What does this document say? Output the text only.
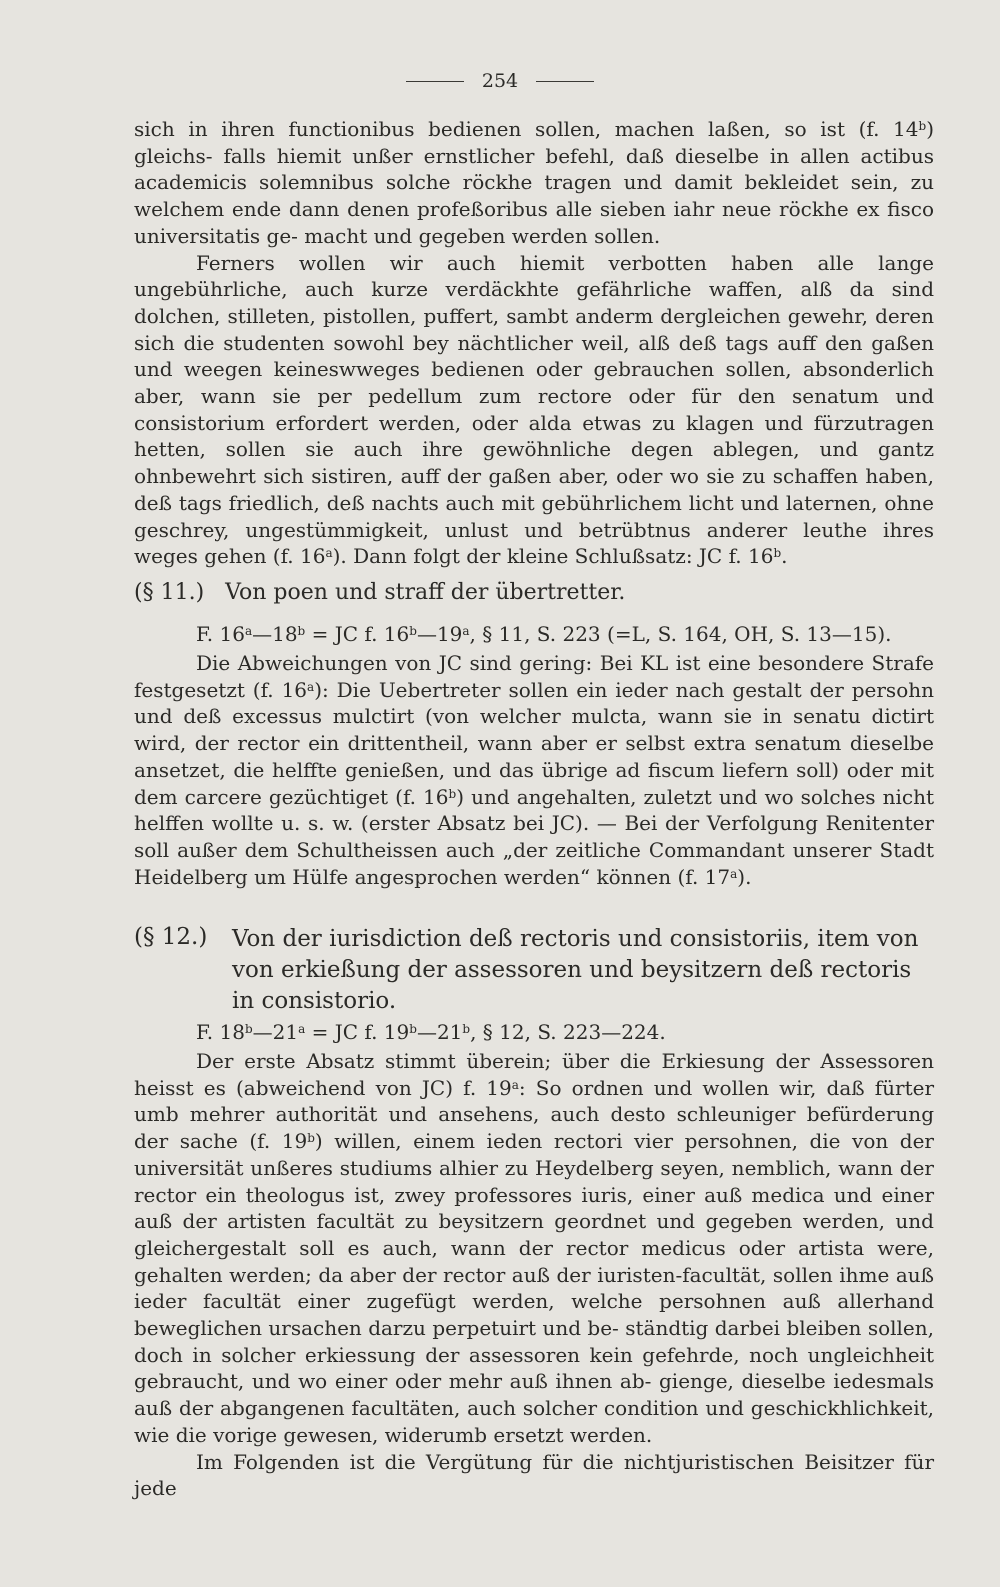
254

sich in ihren functionibus bedienen sollen, machen laßen, so ist (f. 14$^b$) gleichs- falls hiemit unßer ernstlicher befehl, daß dieselbe in allen actibus academicis solemnibus solche röckhe tragen und damit bekleidet sein, zu welchem ende dann denen profeßoribus alle sieben iahr neue röckhe ex fisco universitatis ge- macht und gegeben werden sollen.

Ferners wollen wir auch hiemit verbotten haben alle lange ungebührliche, auch kurze verdäckhte gefährliche waffen, alß da sind dolchen, stilleten, pistollen, puffert, sambt anderm dergleichen gewehr, deren sich die studenten sowohl bey nächtlicher weil, alß deß tags auff den gaßen und weegen keineswweges bedienen oder gebrauchen sollen, absonderlich aber, wann sie per pedellum zum rectore oder für den senatum und consistorium erfordert werden, oder alda etwas zu klagen und fürzutragen hetten, sollen sie auch ihre gewöhnliche degen ablegen, und gantz ohnbewehrt sich sistiren, auff der gaßen aber, oder wo sie zu schaffen haben, deß tags friedlich, deß nachts auch mit gebührlichem licht und laternen, ohne geschrey, ungestümmigkeit, unlust und betrübtnus anderer leuthe ihres weges gehen (f. 16$^a$). Dann folgt der kleine Schlußsatz: JC f. 16$^b$.

(§ 11.) Von poen und straff der übertretter.
F. $16^a—18^b$ = JC f. 16$^b$—19$^a$, § 11, S. 223 (=L, S. 164, OH, S. 13—15).

Die Abweichungen von JC sind gering: Bei KL ist eine besondere Strafe festgesetzt (f. 16$^a$): Die Uebertreter sollen ein ieder nach gestalt der persohn und deß excessus mulctirt (von welcher mulcta, wann sie in senatu dictirt wird, der rector ein drittentheil, wann aber er selbst extra senatum dieselbe ansetzet, die helffte genießen, und das übrige ad fiscum liefern soll) oder mit dem carcere gezüchtiget (f. 16$^b$) und angehalten, zuletzt und wo solches nicht helffen wollte u. s. w. (erster Absatz bei JC). — Bei der Verfolgung Renitenter soll außer dem Schultheissen auch „der zeitliche Commandant unserer Stadt Heidelberg um Hülfe angesprochen werden“ können (f. 17$^a$).

(§ 12.)	Von der iurisdiction deß rectoris und consistoriis, item von von erkießung der assessoren und beysitzern deß rectoris in consistorio.
F. $18^b—21^a$ = JC f. 19$^b$—21$^b$, § 12, S. 223—224.

Der erste Absatz stimmt überein; über die Erkiesung der Assessoren heisst es (abweichend von JC) f. 19$^a$: So ordnen und wollen wir, daß fürter umb mehrer authorität und ansehens, auch desto schleuniger befürderung der sache (f. 19$^b$) willen, einem ieden rectori vier persohnen, die von der universität unßeres studiums alhier zu Heydelberg seyen, nemblich, wann der rector ein theologus ist, zwey professores iuris, einer auß medica und einer auß der artisten facultät zu beysitzern geordnet und gegeben werden, und gleichergestalt soll es auch, wann der rector medicus oder artista were, gehalten werden; da aber der rector auß der iuristen-facultät, sollen ihme auß ieder facultät einer zugefügt werden, welche persohnen auß allerhand beweglichen ursachen darzu perpetuirt und be- ständtig darbei bleiben sollen, doch in solcher erkiessung der assessoren kein gefehrde, noch ungleichheit gebraucht, und wo einer oder mehr auß ihnen ab- gienge, dieselbe iedesmals auß der abgangenen facultäten, auch solcher condition und geschickhlichkeit, wie die vorige gewesen, widerumb ersetzt werden.

Im Folgenden ist die Vergütung für die nichtjuristischen Beisitzer für jede
